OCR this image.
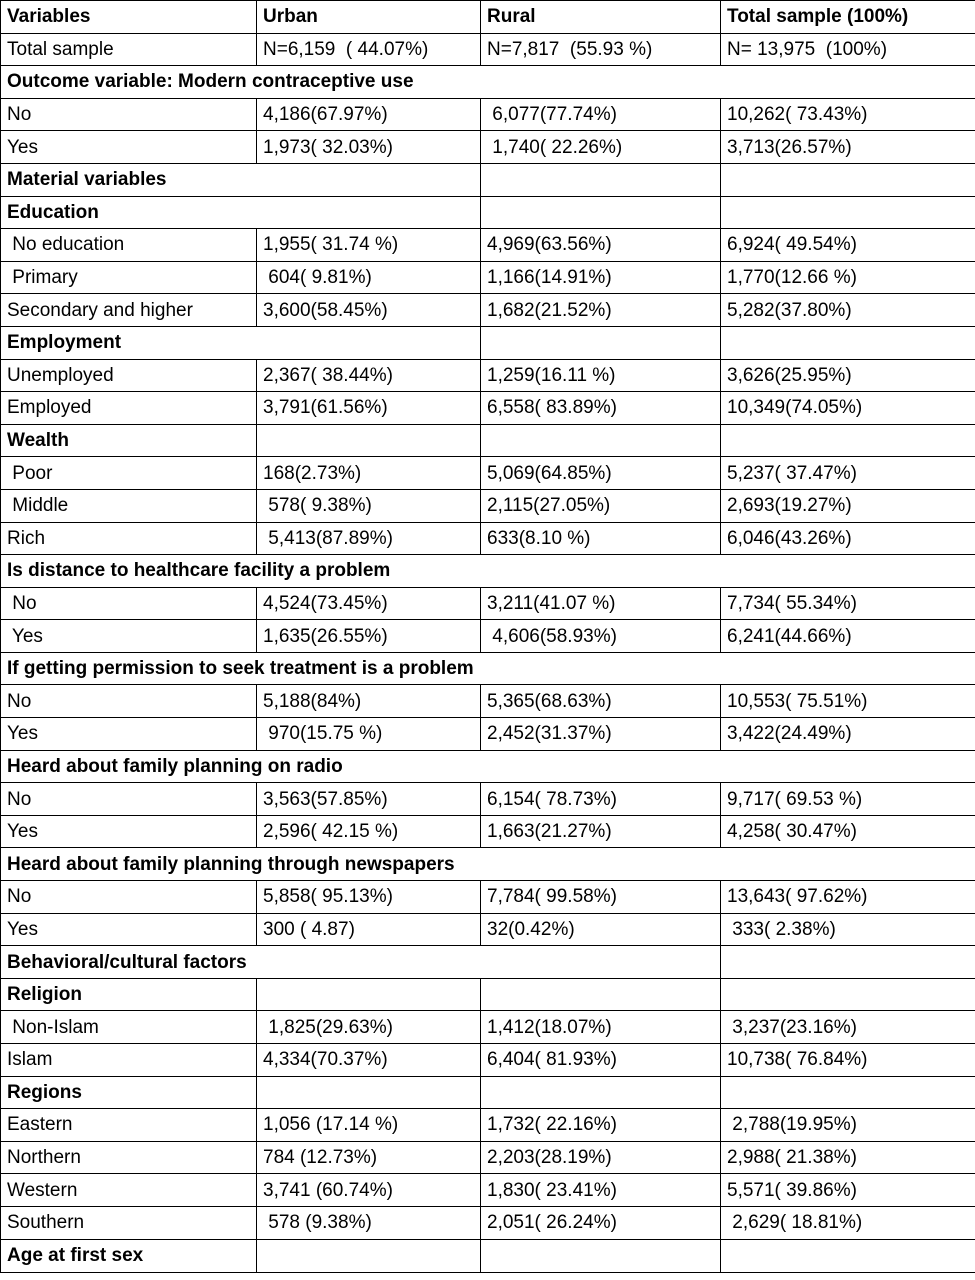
Variables	Urban	Rural	Total sample (100%)
Total sample	N=6,159  ( 44.07%)	N=7,817  (55.93 %)	N= 13,975  (100%)
Outcome variable: Modern contraceptive use			
No	4,186(67.97%)	6,077(77.74%)	10,262( 73.43%)
Yes	1,973( 32.03%)	1,740( 22.26%)	3,713(26.57%)
Material variables			
Education			
No education	1,955( 31.74 %)	4,969(63.56%)	6,924( 49.54%)
Primary	604( 9.81%)	1,166(14.91%)	1,770(12.66 %)
Secondary and higher	3,600(58.45%)	1,682(21.52%)	5,282(37.80%)
Employment			
Unemployed	2,367( 38.44%)	1,259(16.11 %)	3,626(25.95%)
Employed	3,791(61.56%)	6,558( 83.89%)	10,349(74.05%)
Wealth			
Poor	168(2.73%)	5,069(64.85%)	5,237( 37.47%)
Middle	578( 9.38%)	2,115(27.05%)	2,693(19.27%)
Rich	5,413(87.89%)	633(8.10 %)	6,046(43.26%)
Is distance to healthcare facility a problem			
No	4,524(73.45%)	3,211(41.07 %)	7,734( 55.34%)
Yes	1,635(26.55%)	4,606(58.93%)	6,241(44.66%)
If getting permission to seek treatment is a problem			
No	5,188(84%)	5,365(68.63%)	10,553( 75.51%)
Yes	970(15.75 %)	2,452(31.37%)	3,422(24.49%)
Heard about family planning on radio			
No	3,563(57.85%)	6,154( 78.73%)	9,717( 69.53 %)
Yes	2,596( 42.15 %)	1,663(21.27%)	4,258( 30.47%)
Heard about family planning through newspapers			
No	5,858( 95.13%)	7,784( 99.58%)	13,643( 97.62%)
Yes	300 ( 4.87)	32(0.42%)	333( 2.38%)
Behavioral/cultural factors			
Religion			
Non-Islam	1,825(29.63%)	1,412(18.07%)	3,237(23.16%)
Islam	4,334(70.37%)	6,404( 81.93%)	10,738( 76.84%)
Regions			
Eastern	1,056 (17.14 %)	1,732( 22.16%)	2,788(19.95%)
Northern	784 (12.73%)	2,203(28.19%)	2,988( 21.38%)
Western	3,741 (60.74%)	1,830( 23.41%)	5,571( 39.86%)
Southern	578 (9.38%)	2,051( 26.24%)	2,629( 18.81%)
Age at first sex			
